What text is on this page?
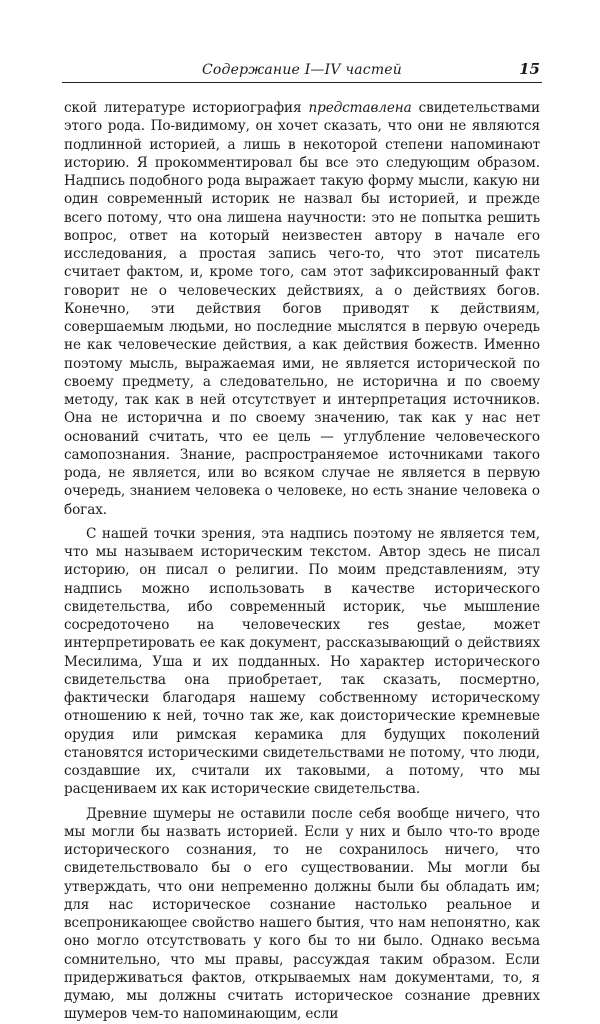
Содержание I—IV частей	15

ской литературе историография представлена свидетельствами этого рода. По-видимому, он хочет сказать, что они не являются подлинной историей, а лишь в некоторой степени напоминают историю. Я прокомментировал бы все это следующим образом. Надпись подобного рода выражает такую форму мысли, какую ни один современный историк не назвал бы историей, и прежде всего потому, что она лишена научности: это не попытка решить вопрос, ответ на который неизвестен автору в начале его исследования, а простая запись чего-то, что этот писатель считает фактом, и, кроме того, сам этот зафиксированный факт говорит не о человеческих действиях, а о действиях богов. Конечно, эти действия богов приводят к действиям, совершаемым людьми, но последние мыслятся в первую очередь не как человеческие действия, а как действия божеств. Именно поэтому мысль, выражаемая ими, не является исторической по своему предмету, а следовательно, не исторична и по своему методу, так как в ней отсутствует и интерпретация источников. Она не исторична и по своему значению, так как у нас нет оснований считать, что ее цель — углубление человеческого самопознания. Знание, распространяемое источниками такого рода, не является, или во всяком случае не является в первую очередь, знанием человека о человеке, но есть знание человека о богах.

С нашей точки зрения, эта надпись поэтому не является тем, что мы называем историческим текстом. Автор здесь не писал историю, он писал о религии. По моим представлениям, эту надпись можно использовать в качестве исторического свидетельства, ибо современный историк, чье мышление сосредоточено на человеческих res gestae, может интерпретировать ее как документ, рассказывающий о действиях Месилима, Уша и их подданных. Но характер исторического свидетельства она приобретает, так сказать, посмертно, фактически благодаря нашему собственному историческому отношению к ней, точно так же, как доисторические кремневые орудия или римская керамика для будущих поколений становятся историческими свидетельствами не потому, что люди, создавшие их, считали их таковыми, а потому, что мы расцениваем их как исторические свидетельства.

Древние шумеры не оставили после себя вообще ничего, что мы могли бы назвать историей. Если у них и было что-то вроде исторического сознания, то не сохранилось ничего, что свидетельствовало бы о его существовании. Мы могли бы утверждать, что они непременно должны были бы обладать им; для нас историческое сознание настолько реальное и всепроникающее свойство нашего бытия, что нам непонятно, как оно могло отсутствовать у кого бы то ни было. Однако весьма сомнительно, что мы правы, рассуждая таким образом. Если придерживаться фактов, открываемых нам документами, то, я думаю, мы должны считать историческое сознание древних шумеров чем-то напоминающим, если
